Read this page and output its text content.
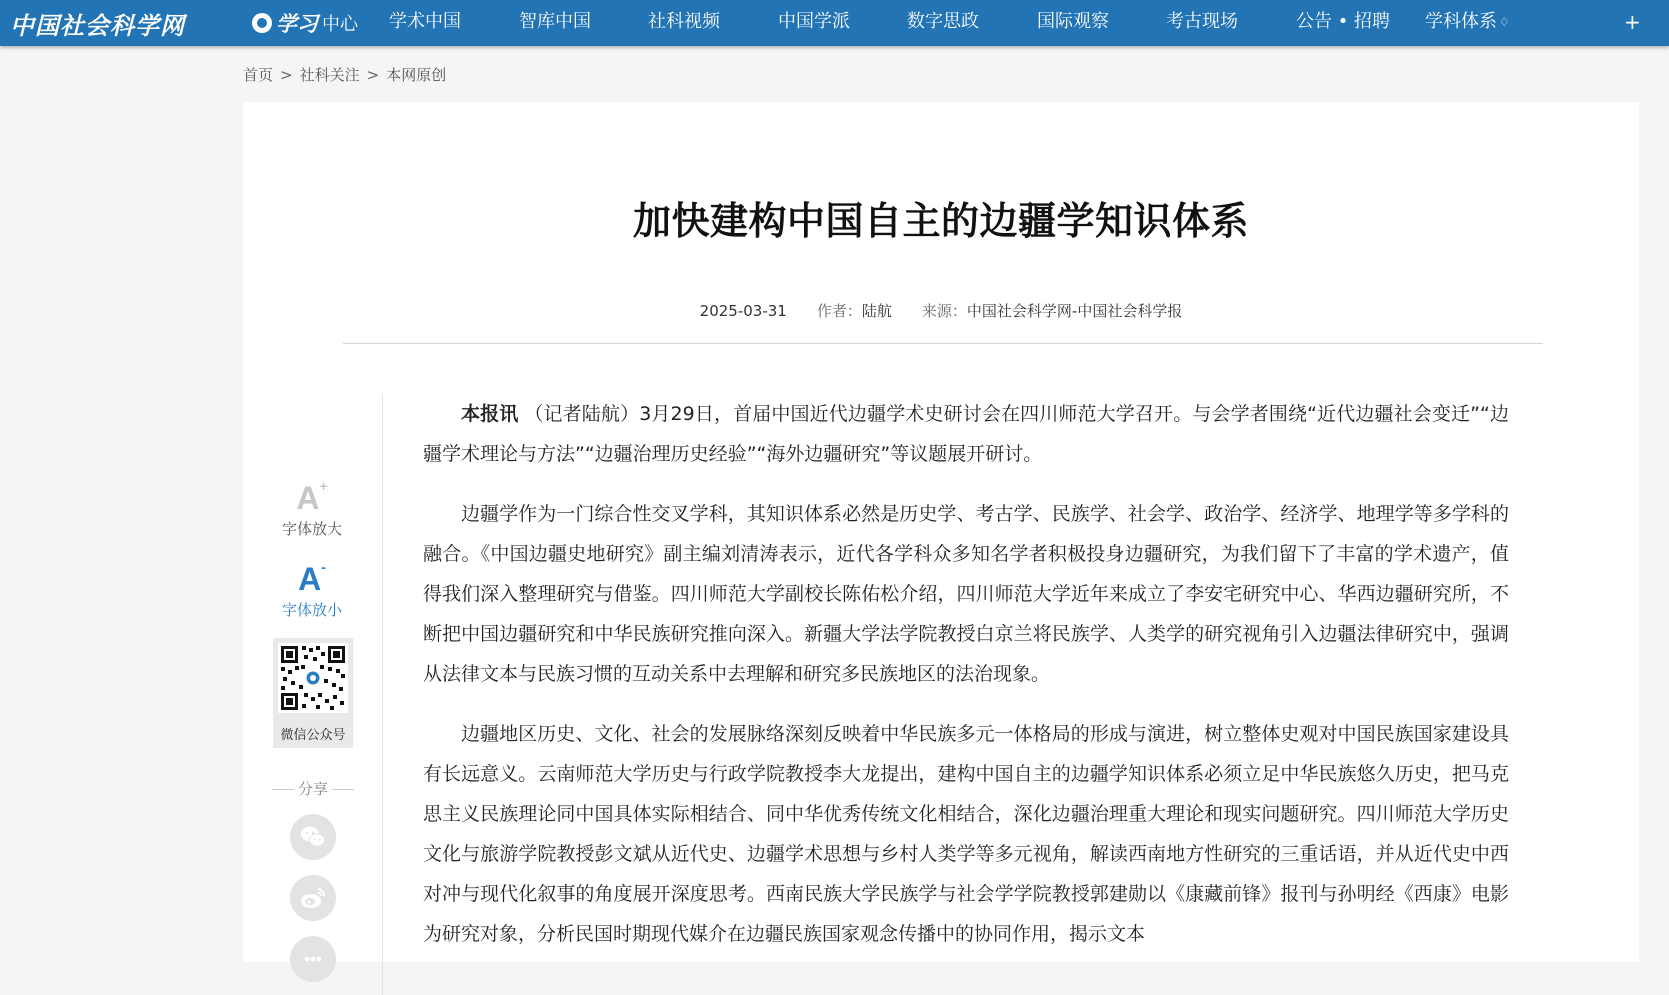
中国社会科学网	学习 中心 学术中国	智库中国	社科视频	中国学派	数字思政	国际观察	考古现场	公告 • 招聘 学科体系 ♢	+
首页 > 社科关注 > 本网原创
加快建构中国自主的边疆学知识体系
2025-03-31 作者：陆航 来源：中国社会科学网-中国社会科学报
A+
字体放大
A-
字体放小
微信公众号
分享

本报讯 （记者陆航）3月29日，首届中国近代边疆学术史研讨会在四川师范大学召开。与会学者围绕“近代边疆社会变迁”“边疆学术理论与方法”“边疆治理历史经验”“海外边疆研究”等议题展开研讨。

边疆学作为一门综合性交叉学科，其知识体系必然是历史学、考古学、民族学、社会学、政治学、经济学、地理学等多学科的融合。《中国边疆史地研究》副主编刘清涛表示，近代各学科众多知名学者积极投身边疆研究，为我们留下了丰富的学术遗产，值得我们深入整理研究与借鉴。四川师范大学副校长陈佑松介绍，四川师范大学近年来成立了李安宅研究中心、华西边疆研究所，不断把中国边疆研究和中华民族研究推向深入。新疆大学法学院教授白京兰将民族学、人类学的研究视角引入边疆法律研究中，强调从法律文本与民族习惯的互动关系中去理解和研究多民族地区的法治现象。

边疆地区历史、文化、社会的发展脉络深刻反映着中华民族多元一体格局的形成与演进，树立整体史观对中国民族国家建设具有长远意义。云南师范大学历史与行政学院教授李大龙提出，建构中国自主的边疆学知识体系必须立足中华民族悠久历史，把马克思主义民族理论同中国具体实际相结合、同中华优秀传统文化相结合，深化边疆治理重大理论和现实问题研究。四川师范大学历史文化与旅游学院教授彭文斌从近代史、边疆学术思想与乡村人类学等多元视角，解读西南地方性研究的三重话语，并从近代史中西对冲与现代化叙事的角度展开深度思考。西南民族大学民族学与社会学学院教授郭建勋以《康藏前锋》报刊与孙明经《西康》电影为研究对象，分析民国时期现代媒介在边疆民族国家观念传播中的协同作用，揭示文本
